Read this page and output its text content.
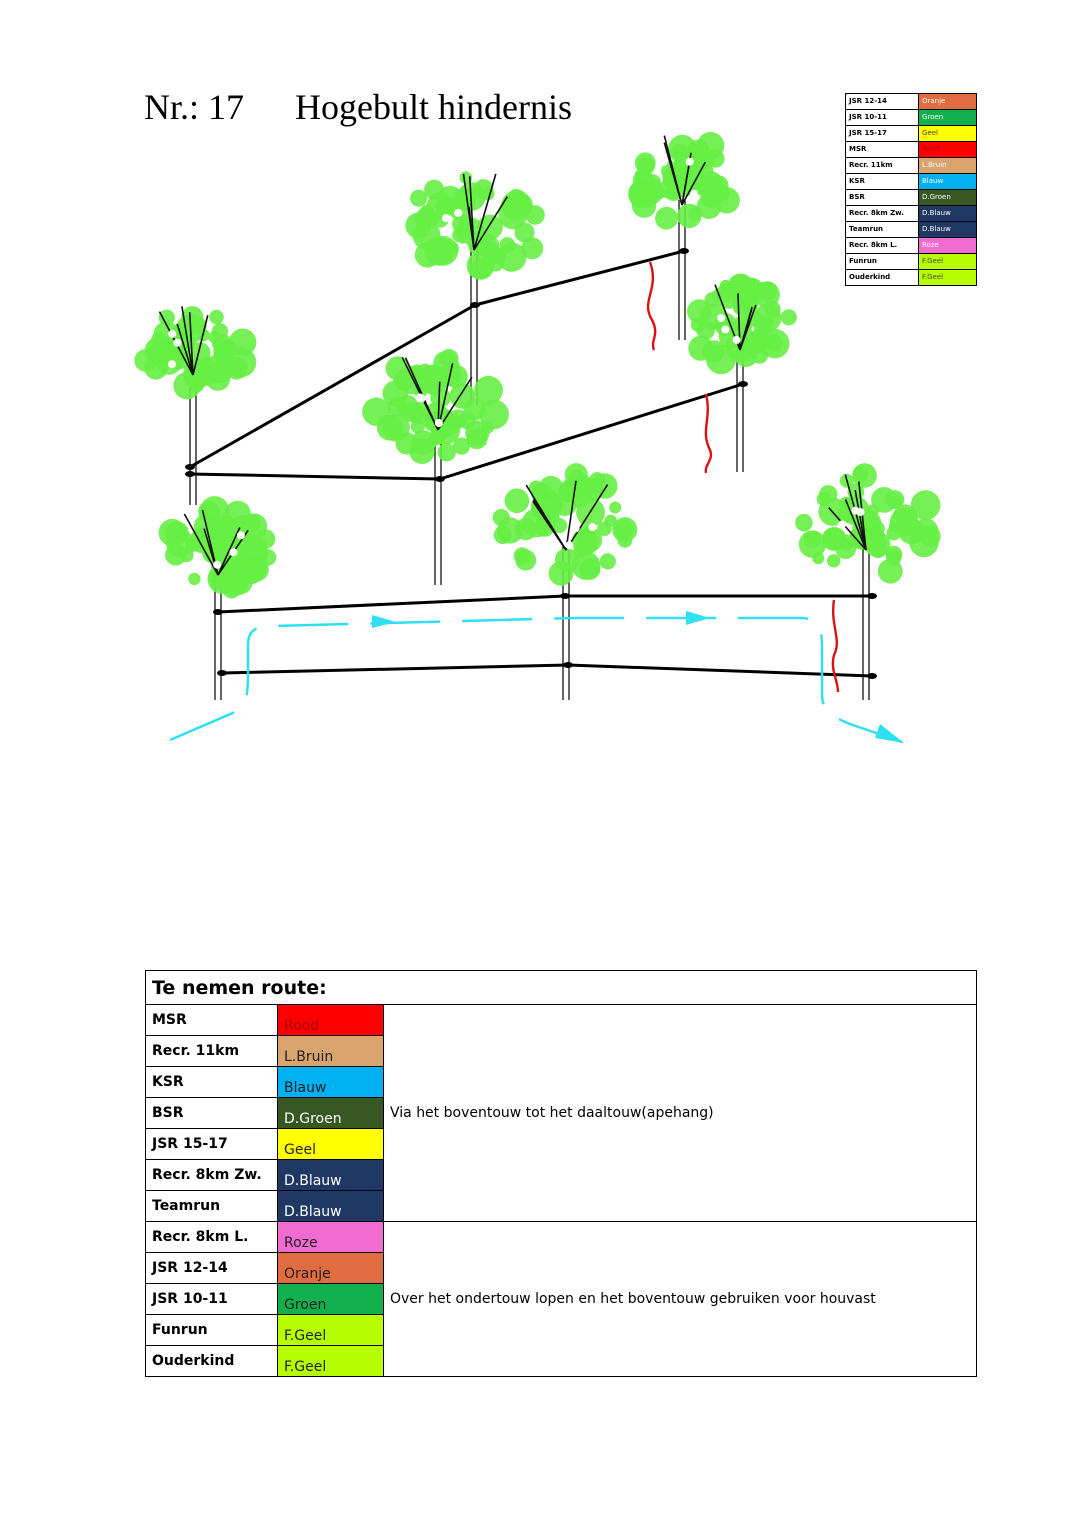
Nr.: 17 Hogebult hindernis	JSR 12-14	Oranje
JSR 10-11	Groen
JSR 15-17	Geel
MSR	Rood
Recr. 11km	L.Bruin
KSR	Blauw
BSR	D.Groen
Recr. 8km Zw.	D.Blauw
Teamrun	D.Blauw
Recr. 8km L.	Roze
Funrun	F.Geel
Ouderkind	F.Geel
Te nemen route:		
MSR	Rood	Via het boventouw tot het daaltouw(apehang)
Recr. 11km	L.Bruin	
KSR	Blauw	
BSR	D.Groen	
JSR 15-17	Geel	
Recr. 8km Zw.	D.Blauw	
Teamrun	D.Blauw	
Recr. 8km L.	Roze	Over het ondertouw lopen en het boventouw gebruiken voor houvast
JSR 12-14	Oranje	
JSR 10-11	Groen	
Funrun	F.Geel	
Ouderkind	F.Geel	
